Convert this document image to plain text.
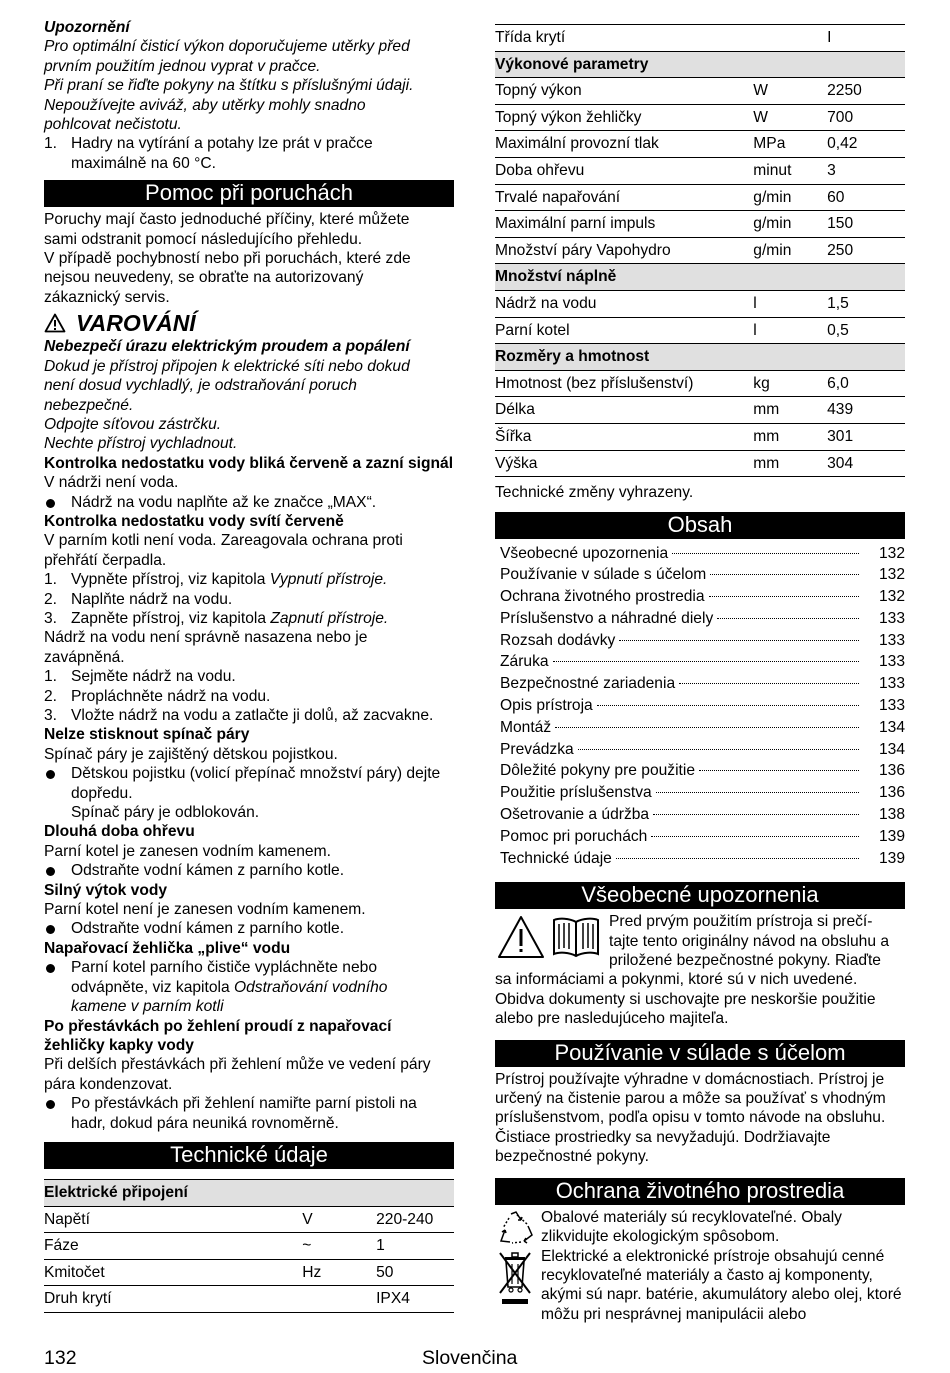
Upozornění

Pro optimální čisticí výkon doporučujeme utěrky před

prvním použitím jednou vyprat v pračce.

Při praní se řiďte pokyny na štítku s příslušnými údaji.

Nepoužívejte aviváž, aby utěrky mohly snadno

pohlcovat nečistotu.

1. Hadry na vytírání a potahy lze prát v pračce maximálně na 60 °C.
Pomoc při poruchách

Poruchy mají často jednoduché příčiny, které můžete

sami odstranit pomocí následujícího přehledu.

V případě pochybností nebo při poruchách, které zde

nejsou neuvedeny, se obraťte na autorizovaný

zákaznický servis.

VAROVÁNÍ

Nebezpečí úrazu elektrickým proudem a popálení

Dokud je přístroj připojen k elektrické síti nebo dokud

není dosud vychladlý, je odstraňování poruch

nebezpečné.

Odpojte síťovou zástrčku.

Nechte přístroj vychladnout.

Kontrolka nedostatku vody bliká červeně a zazní signál

V nádrži není voda.

Nádrž na vodu naplňte až ke značce „MAX“.

Kontrolka nedostatku vody svítí červeně

V parním kotli není voda. Zareagovala ochrana proti přehřátí čerpadla.

1. Vypněte přístroj, viz kapitola Vypnutí přístroje.
2. Naplňte nádrž na vodu.
3. Zapněte přístroj, viz kapitola Zapnutí přístroje.

Nádrž na vodu není správně nasazena nebo je zavápněná.

1. Sejměte nádrž na vodu.
2. Propláchněte nádrž na vodu.
3. Vložte nádrž na vodu a zatlačte ji dolů, až zacvakne.

Nelze stisknout spínač páry

Spínač páry je zajištěný dětskou pojistkou.

Dětskou pojistku (volicí přepínač množství páry) dejte dopředu.

Spínač páry je odblokován.

Dlouhá doba ohřevu

Parní kotel je zanesen vodním kamenem.

Odstraňte vodní kámen z parního kotle.

Silný výtok vody

Parní kotel není je zanesen vodním kamenem.

Odstraňte vodní kámen z parního kotle.

Napařovací žehlička „plive“ vodu

Parní kotel parního čističe vypláchněte nebo odvápněte, viz kapitola Odstraňování vodního kamene v parním kotli

Po přestávkách po žehlení proudí z napařovací žehličky kapky vody

Při delších přestávkách při žehlení může ve vedení páry pára kondenzovat.

Po přestávkách při žehlení namiřte parní pistoli na hadr, dokud pára neuniká rovnoměrně.
Technické údaje
Elektrické připojení		
Napětí	V	220-240
Fáze	~	1
Kmitočet	Hz	50
Druh krytí		IPX4
Třída krytí		I
Výkonové parametry		
Topný výkon	W	2250
Topný výkon žehličky	W	700
Maximální provozní tlak	MPa	0,42
Doba ohřevu	minut	3
Trvalé napařování	g/min	60
Maximální parní impuls	g/min	150
Množství páry Vapohydro	g/min	250
Množství náplně		
Nádrž na vodu	l	1,5
Parní kotel	l	0,5
Rozměry a hmotnost		
Hmotnost (bez příslušenství)	kg	6,0
Délka	mm	439
Šířka	mm	301
Výška	mm	304

Technické změny vyhrazeny.

Obsah
Všeobecné upozornenia	132
Používanie v súlade s účelom	132
Ochrana životného prostredia	132
Príslušenstvo a náhradné diely	133
Rozsah dodávky	133
Záruka	133
Bezpečnostné zariadenia	133
Opis prístroja	133
Montáž	134
Prevádzka	134
Dôležité pokyny pre použitie	136
Použitie príslušenstva	136
Ošetrovanie a údržba	138
Pomoc pri poruchách	139
Technické údaje	139
Všeobecné upozornenia

Pred prvým použitím prístroja si prečí-

tajte tento originálny návod na obsluhu a

priložené bezpečnostné pokyny. Riaďte

sa informáciami a pokynmi, ktoré sú v nich uvedené. Obidva dokumenty si uschovajte pre neskoršie použitie alebo pre nasledujúceho majiteľa.

Používanie v súlade s účelom

Prístroj používajte výhradne v domácnostiach. Prístroj je určený na čistenie parou a môže sa používať s vhodným príslušenstvom, podľa opisu v tomto návode na obsluhu. Čistiace prostriedky sa nevyžadujú. Dodržiavajte bezpečnostné pokyny.

Ochrana životného prostredia

Obalové materiály sú recyklovateľné. Obaly zlikvidujte ekologickým spôsobom.

Elektrické a elektronické prístroje obsahujú cenné recyklovateľné materiály a často aj komponenty, akými sú napr. batérie, akumulátory alebo olej, ktoré môžu pri nesprávnej manipulácii alebo

132	Slovenčina
